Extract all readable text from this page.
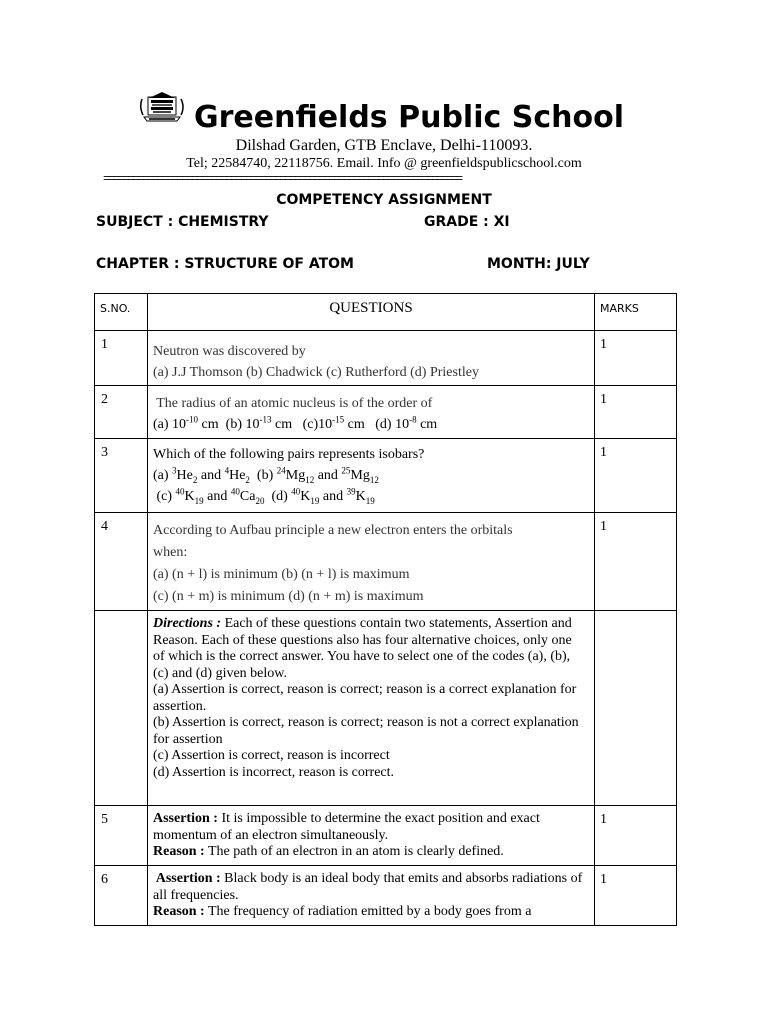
Greenfields Public School
Dilshad Garden, GTB Enclave, Delhi-110093.
Tel; 22584740, 22118756. Email. Info @ greenfieldspublicschool.com
=========================================================================
COMPETENCY ASSIGNMENT
SUBJECT : CHEMISTRY	GRADE : XI
CHAPTER : STRUCTURE OF ATOM	MONTH: JULY
S.NO.	QUESTIONS	MARKS

1	Neutron was discovered by
(a) J.J Thomson (b) Chadwick (c) Rutherford (d) Priestley	1

2	The radius of an atomic nucleus is of the order of
(a) $10^{-10}$ cm  (b) $10^{-13}$ cm   $(c)10^{-15}$ cm   (d) $10^{-8}$ cm	1

3	Which of the following pairs represents isobars?
(a) $^3He_2$ and $^4He_2$  (b) $^{24}Mg_{12}$ and $^{25}Mg_{12}$
(c) $^{40}K_{19}$ and $^{40}Ca_{20}$  (d) $^{40}K_{19}$ and $^{39}K_{19}$	1

4	According to Aufbau principle a new electron enters the orbitals
when:
(a) (n + l) is minimum (b) (n + l) is maximum
(c) (n + m) is minimum (d) (n + m) is maximum	1

	Directions : Each of these questions contain two statements, Assertion and Reason. Each of these questions also has four alternative choices, only one of which is the correct answer. You have to select one of the codes (a), (b), (c) and (d) given below.
(a) Assertion is correct, reason is correct; reason is a correct explanation for assertion.
(b) Assertion is correct, reason is correct; reason is not a correct explanation for assertion
(c) Assertion is correct, reason is incorrect
(d) Assertion is incorrect, reason is correct.	

5	Assertion : It is impossible to determine the exact position and exact momentum of an electron simultaneously.
Reason : The path of an electron in an atom is clearly defined.	1

6	Assertion : Black body is an ideal body that emits and absorbs radiations of all frequencies.
Reason : The frequency of radiation emitted by a body goes from a	1
